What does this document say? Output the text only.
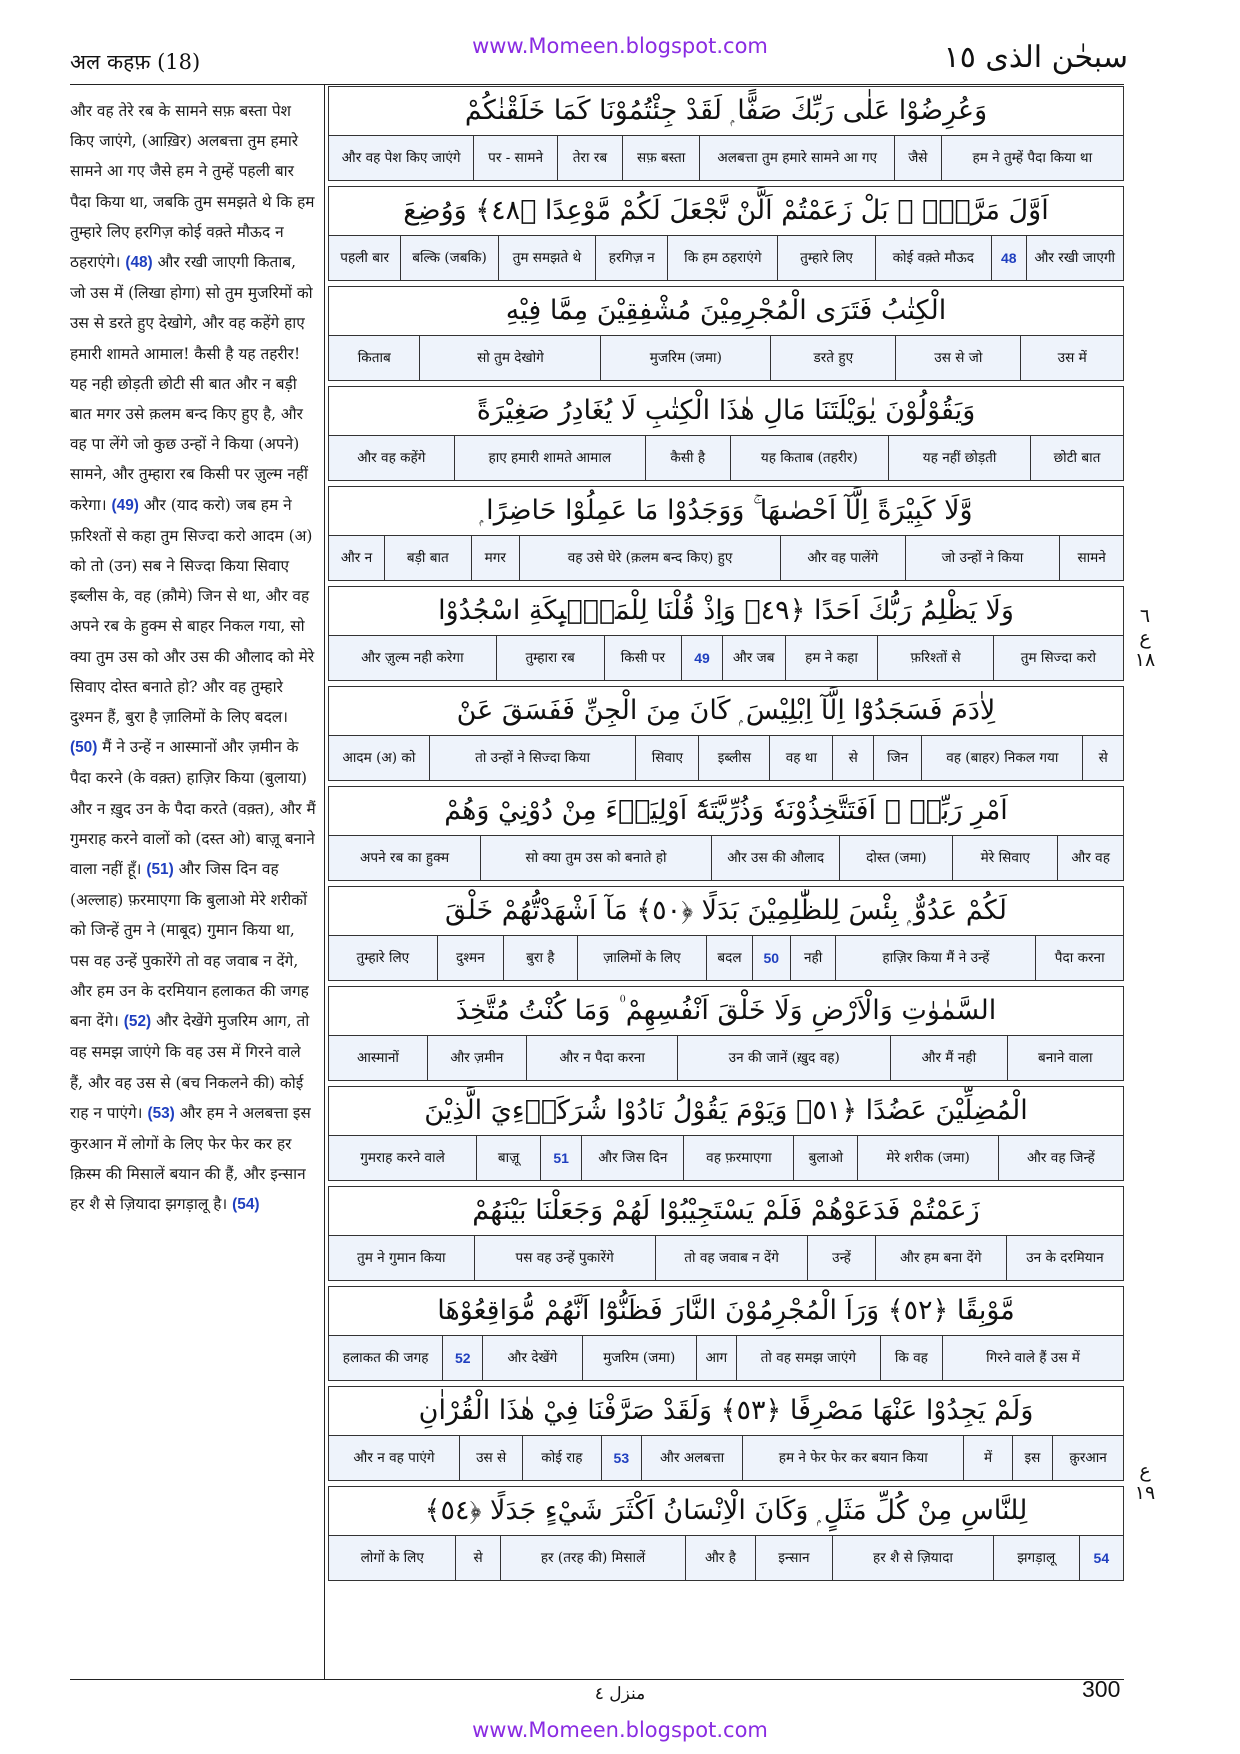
www.Momeen.blogspot.com
अल कहफ़ (18)	سبحٰن الذی ١٥
और वह तेरे रब के सामने सफ़ बस्ता पेश किए जाएंगे, (आख़िर) अलबत्ता तुम हमारे सामने आ गए जैसे हम ने तुम्हें पहली बार पैदा किया था, जबकि तुम समझते थे कि हम तुम्हारे लिए हरगिज़ कोई वक़्ते मौऊद न ठहराएंगे। (48) और रखी जाएगी किताब, जो उस में (लिखा होगा) सो तुम मुजरिमों को उस से डरते हुए देखोगे, और वह कहेंगे हाए हमारी शामते आमाल! कैसी है यह तहरीर! यह नही छोड़ती छोटी सी बात और न बड़ी बात मगर उसे क़लम बन्द किए हुए है, और वह पा लेंगे जो कुछ उन्हों ने किया (अपने) सामने, और तुम्हारा रब किसी पर ज़ुल्म नहीं करेगा। (49) और (याद करो) जब हम ने फ़रिश्तों से कहा तुम सिज्दा करो आदम (अ) को तो (उन) सब ने सिज्दा किया सिवाए इब्लीस के, वह (क़ौमे) जिन से था, और वह अपने रब के हुक्म से बाहर निकल गया, सो क्या तुम उस को और उस की औलाद को मेरे सिवाए दोस्त बनाते हो? और वह तुम्हारे दुश्मन हैं, बुरा है ज़ालिमों के लिए बदल। (50) मैं ने उन्हें न आस्मानों और ज़मीन के पैदा करने (के वक़्त) हाज़िर किया (बुलाया) और न ख़ुद उन के पैदा करते (वक़्त), और मैं गुमराह करने वालों को (दस्त ओ) बाज़ू बनाने वाला नहीं हूँ। (51) और जिस दिन वह (अल्लाह) फ़रमाएगा कि बुलाओ मेरे शरीकों को जिन्हें तुम ने (माबूद) गुमान किया था, पस वह उन्हें पुकारेंगे तो वह जवाब न देंगे, और हम उन के दरमियान हलाकत की जगह बना देंगे। (52) और देखेंगे मुजरिम आग, तो वह समझ जाएंगे कि वह उस में गिरने वाले हैं, और वह उस से (बच निकलने की) कोई राह न पाएंगे। (53) और हम ने अलबत्ता इस कुरआन में लोगों के लिए फेर फेर कर हर क़िस्म की मिसालें बयान की हैं, और इन्सान हर शै से ज़ियादा झगड़ालू है। (54)
وَعُرِضُوْا عَلٰى رَبِّكَ صَفًّا ۭ لَقَدْ جِئْتُمُوْنَا كَمَا خَلَقْنٰكُمْ
और वह पेश किए जाएंगे	पर - सामने	तेरा रब	सफ़ बस्ता	अलबत्ता तुम हमारे सामने आ गए	जैसे	हम ने तुम्हें पैदा किया था
اَوَّلَ مَرَّةٍۢ ۡ بَلْ زَعَمْتُمْ اَلَّنْ نَّجْعَلَ لَكُمْ مَّوْعِدًا ﴿٤٨﴾ وَوُضِعَ
पहली बार	बल्कि (जबकि)	तुम समझते थे	हरगिज़ न	कि हम ठहराएंगे	तुम्हारे लिए	कोई वक़्ते मौऊद	48	और रखी जाएगी
الْكِتٰبُ فَتَرَى الْمُجْرِمِيْنَ مُشْفِقِيْنَ مِمَّا فِيْهِ
किताब	सो तुम देखोगे	मुजरिम (जमा)	डरते हुए	उस से जो	उस में
وَيَقُوْلُوْنَ يٰوَيْلَتَنَا مَالِ هٰذَا الْكِتٰبِ لَا يُغَادِرُ صَغِيْرَةً
और वह कहेंगे	हाए हमारी शामते आमाल	कैसी है	यह किताब (तहरीर)	यह नहीं छोड़ती	छोटी बात
وَّلَا كَبِيْرَةً اِلَّآ اَحْصٰىهَا ۚ وَوَجَدُوْا مَا عَمِلُوْا حَاضِرًا ۭ
और न	बड़ी बात	मगर	वह उसे घेरे (क़लम बन्द किए) हुए	और वह पालेंगे	जो उन्हों ने किया	सामने
وَلَا يَظْلِمُ رَبُّكَ اَحَدًا ﴿٤٩﴾ وَاِذْ قُلْنَا لِلْمَلٰۗىِٕكَةِ اسْجُدُوْا
और ज़ुल्म नही करेगा	तुम्हारा रब	किसी पर	49	और जब	हम ने कहा	फ़रिश्तों से	तुम सिज्दा करो
لِاٰدَمَ فَسَجَدُوْٓا اِلَّآ اِبْلِيْسَ ۭ كَانَ مِنَ الْجِنِّ فَفَسَقَ عَنْ
आदम (अ) को	तो उन्हों ने सिज्दा किया	सिवाए	इब्लीस	वह था	से	जिन	वह (बाहर) निकल गया	से
اَمْرِ رَبِّهٖ ۭ اَفَتَتَّخِذُوْنَهٗ وَذُرِّيَّتَهٗٓ اَوْلِيَاۗءَ مِنْ دُوْنِيْ وَهُمْ
अपने रब का हुक्म	सो क्या तुम उस को बनाते हो	और उस की औलाद	दोस्त (जमा)	मेरे सिवाए	और वह
لَكُمْ عَدُوٌّ ۭ بِئْسَ لِلظّٰلِمِيْنَ بَدَلًا ﴿٥٠﴾ مَآ اَشْهَدْتُّهُمْ خَلْقَ
तुम्हारे लिए	दुश्मन	बुरा है	ज़ालिमों के लिए	बदल	50	नही	हाज़िर किया मैं ने उन्हें	पैदा करना
السَّمٰوٰتِ وَالْاَرْضِ وَلَا خَلْقَ اَنْفُسِهِمْ ۠ وَمَا كُنْتُ مُتَّخِذَ
आस्मानों	और ज़मीन	और न पैदा करना	उन की जानें (ख़ुद वह)	और मैं नही	बनाने वाला
الْمُضِلِّيْنَ عَضُدًا ﴿٥١﴾ وَيَوْمَ يَقُوْلُ نَادُوْا شُرَكَاۗءِيَ الَّذِيْنَ
गुमराह करने वाले	बाज़ू	51	और जिस दिन	वह फ़रमाएगा	बुलाओ	मेरे शरीक (जमा)	और वह जिन्हें
زَعَمْتُمْ فَدَعَوْهُمْ فَلَمْ يَسْتَجِيْبُوْا لَهُمْ وَجَعَلْنَا بَيْنَهُمْ
तुम ने गुमान किया	पस वह उन्हें पुकारेंगे	तो वह जवाब न देंगे	उन्हें	और हम बना देंगे	उन के दरमियान
مَّوْبِقًا ﴿٥٢﴾ وَرَاَ الْمُجْرِمُوْنَ النَّارَ فَظَنُّوْٓا اَنَّهُمْ مُّوَاقِعُوْهَا
हलाकत की जगह	52	और देखेंगे	मुजरिम (जमा)	आग	तो वह समझ जाएंगे	कि वह	गिरने वाले हैं उस में
وَلَمْ يَجِدُوْا عَنْهَا مَصْرِفًا ﴿٥٣﴾ وَلَقَدْ صَرَّفْنَا فِيْ هٰذَا الْقُرْاٰنِ
और न वह पाएंगे	उस से	कोई राह	53	और अलबत्ता	हम ने फेर फेर कर बयान किया	में	इस	क़ुरआन
لِلنَّاسِ مِنْ كُلِّ مَثَلٍ ۭ وَكَانَ الْاِنْسَانُ اَكْثَرَ شَيْءٍ جَدَلًا ﴿٥٤﴾
लोगों के लिए	से	हर (तरह की) मिसालें	और है	इन्सान	हर शै से ज़ियादा	झगड़ालू	54
٦
ع
١٨
ع
١٩
منزل ٤	300
www.Momeen.blogspot.com
